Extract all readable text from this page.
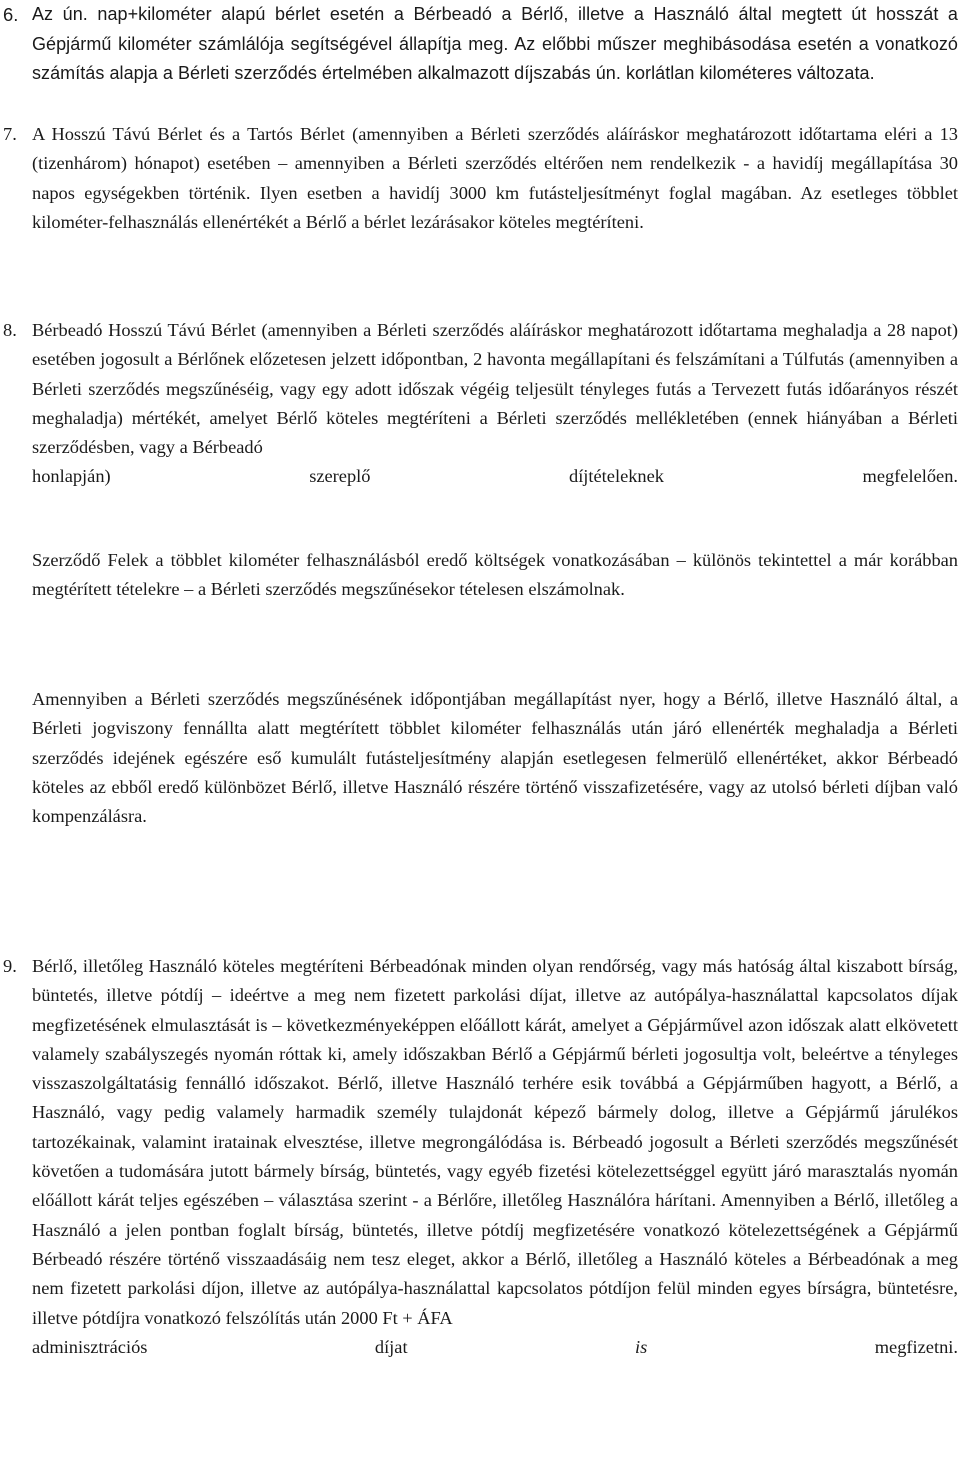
6. Az ún. nap+kilométer alapú bérlet esetén a Bérbeadó a Bérlő, illetve a Használó által megtett út hosszát a Gépjármű kilométer számlálója segítségével állapítja meg. Az előbbi műszer meghibásodása esetén a vonatkozó számítás alapja a Bérleti szerződés értelmében alkalmazott díjszabás ún. korlátlan kilométeres változata.

7. A Hosszú Távú Bérlet és a Tartós Bérlet (amennyiben a Bérleti szerződés aláíráskor meghatározott időtartama eléri a 13 (tizenhárom) hónapot) esetében – amennyiben a Bérleti szerződés eltérően nem rendelkezik - a havidíj megállapítása 30 napos egységekben történik. Ilyen esetben a havidíj 3000 km futásteljesítményt foglal magában. Az esetleges többlet kilométer-felhasználás ellenértékét a Bérlő a bérlet lezárásakor köteles megtéríteni.

8. Bérbeadó Hosszú Távú Bérlet (amennyiben a Bérleti szerződés aláíráskor meghatározott időtartama meghaladja a 28 napot) esetében jogosult a Bérlőnek előzetesen jelzett időpontban, 2 havonta megállapítani és felszámítani a Túlfutás (amennyiben a Bérleti szerződés megszűnéséig, vagy egy adott időszak végéig teljesült tényleges futás a Tervezett futás időarányos részét meghaladja) mértékét, amelyet Bérlő köteles megtéríteni a Bérleti szerződés mellékletében (ennek hiányában a Bérleti szerződésben, vagy a Bérbeadó
honlapján)	szereplő	díjtételeknek	megfelelően.

Szerződő Felek a többlet kilométer felhasználásból eredő költségek vonatkozásában – különös tekintettel a már korábban megtérített tételekre – a Bérleti szerződés megszűnésekor tételesen elszámolnak.

Amennyiben a Bérleti szerződés megszűnésének időpontjában megállapítást nyer, hogy a Bérlő, illetve Használó által, a Bérleti jogviszony fennállta alatt megtérített többlet kilométer felhasználás után járó ellenérték meghaladja a Bérleti szerződés idejének egészére eső kumulált futásteljesítmény alapján esetlegesen felmerülő ellenértéket, akkor Bérbeadó köteles az ebből eredő különbözet Bérlő, illetve Használó részére történő visszafizetésére, vagy az utolsó bérleti díjban való kompenzálásra.

9. Bérlő, illetőleg Használó köteles megtéríteni Bérbeadónak minden olyan rendőrség, vagy más hatóság által kiszabott bírság, büntetés, illetve pótdíj – ideértve a meg nem fizetett parkolási díjat, illetve az autópálya-használattal kapcsolatos díjak megfizetésének elmulasztását is – következményeképpen előállott kárát, amelyet a Gépjárművel azon időszak alatt elkövetett valamely szabályszegés nyomán róttak ki, amely időszakban Bérlő a Gépjármű bérleti jogosultja volt, beleértve a tényleges visszaszolgáltatásig fennálló időszakot. Bérlő, illetve Használó terhére esik továbbá a Gépjárműben hagyott, a Bérlő, a Használó, vagy pedig valamely harmadik személy tulajdonát képező bármely dolog, illetve a Gépjármű járulékos tartozékainak, valamint iratainak elvesztése, illetve megrongálódása is. Bérbeadó jogosult a Bérleti szerződés megszűnését követően a tudomására jutott bármely bírság, büntetés, vagy egyéb fizetési kötelezettséggel együtt járó marasztalás nyomán előállott kárát teljes egészében – választása szerint - a Bérlőre, illetőleg Használóra hárítani. Amennyiben a Bérlő, illetőleg a Használó a jelen pontban foglalt bírság, büntetés, illetve pótdíj megfizetésére vonatkozó kötelezettségének a Gépjármű Bérbeadó részére történő visszaadásáig nem tesz eleget, akkor a Bérlő, illetőleg a Használó köteles a Bérbeadónak a meg nem fizetett parkolási díjon, illetve az autópálya-használattal kapcsolatos pótdíjon felül minden egyes bírságra, büntetésre, illetve pótdíjra vonatkozó felszólítás után 2000 Ft + ÁFA
adminisztrációs	díjat	is	megfizetni.
